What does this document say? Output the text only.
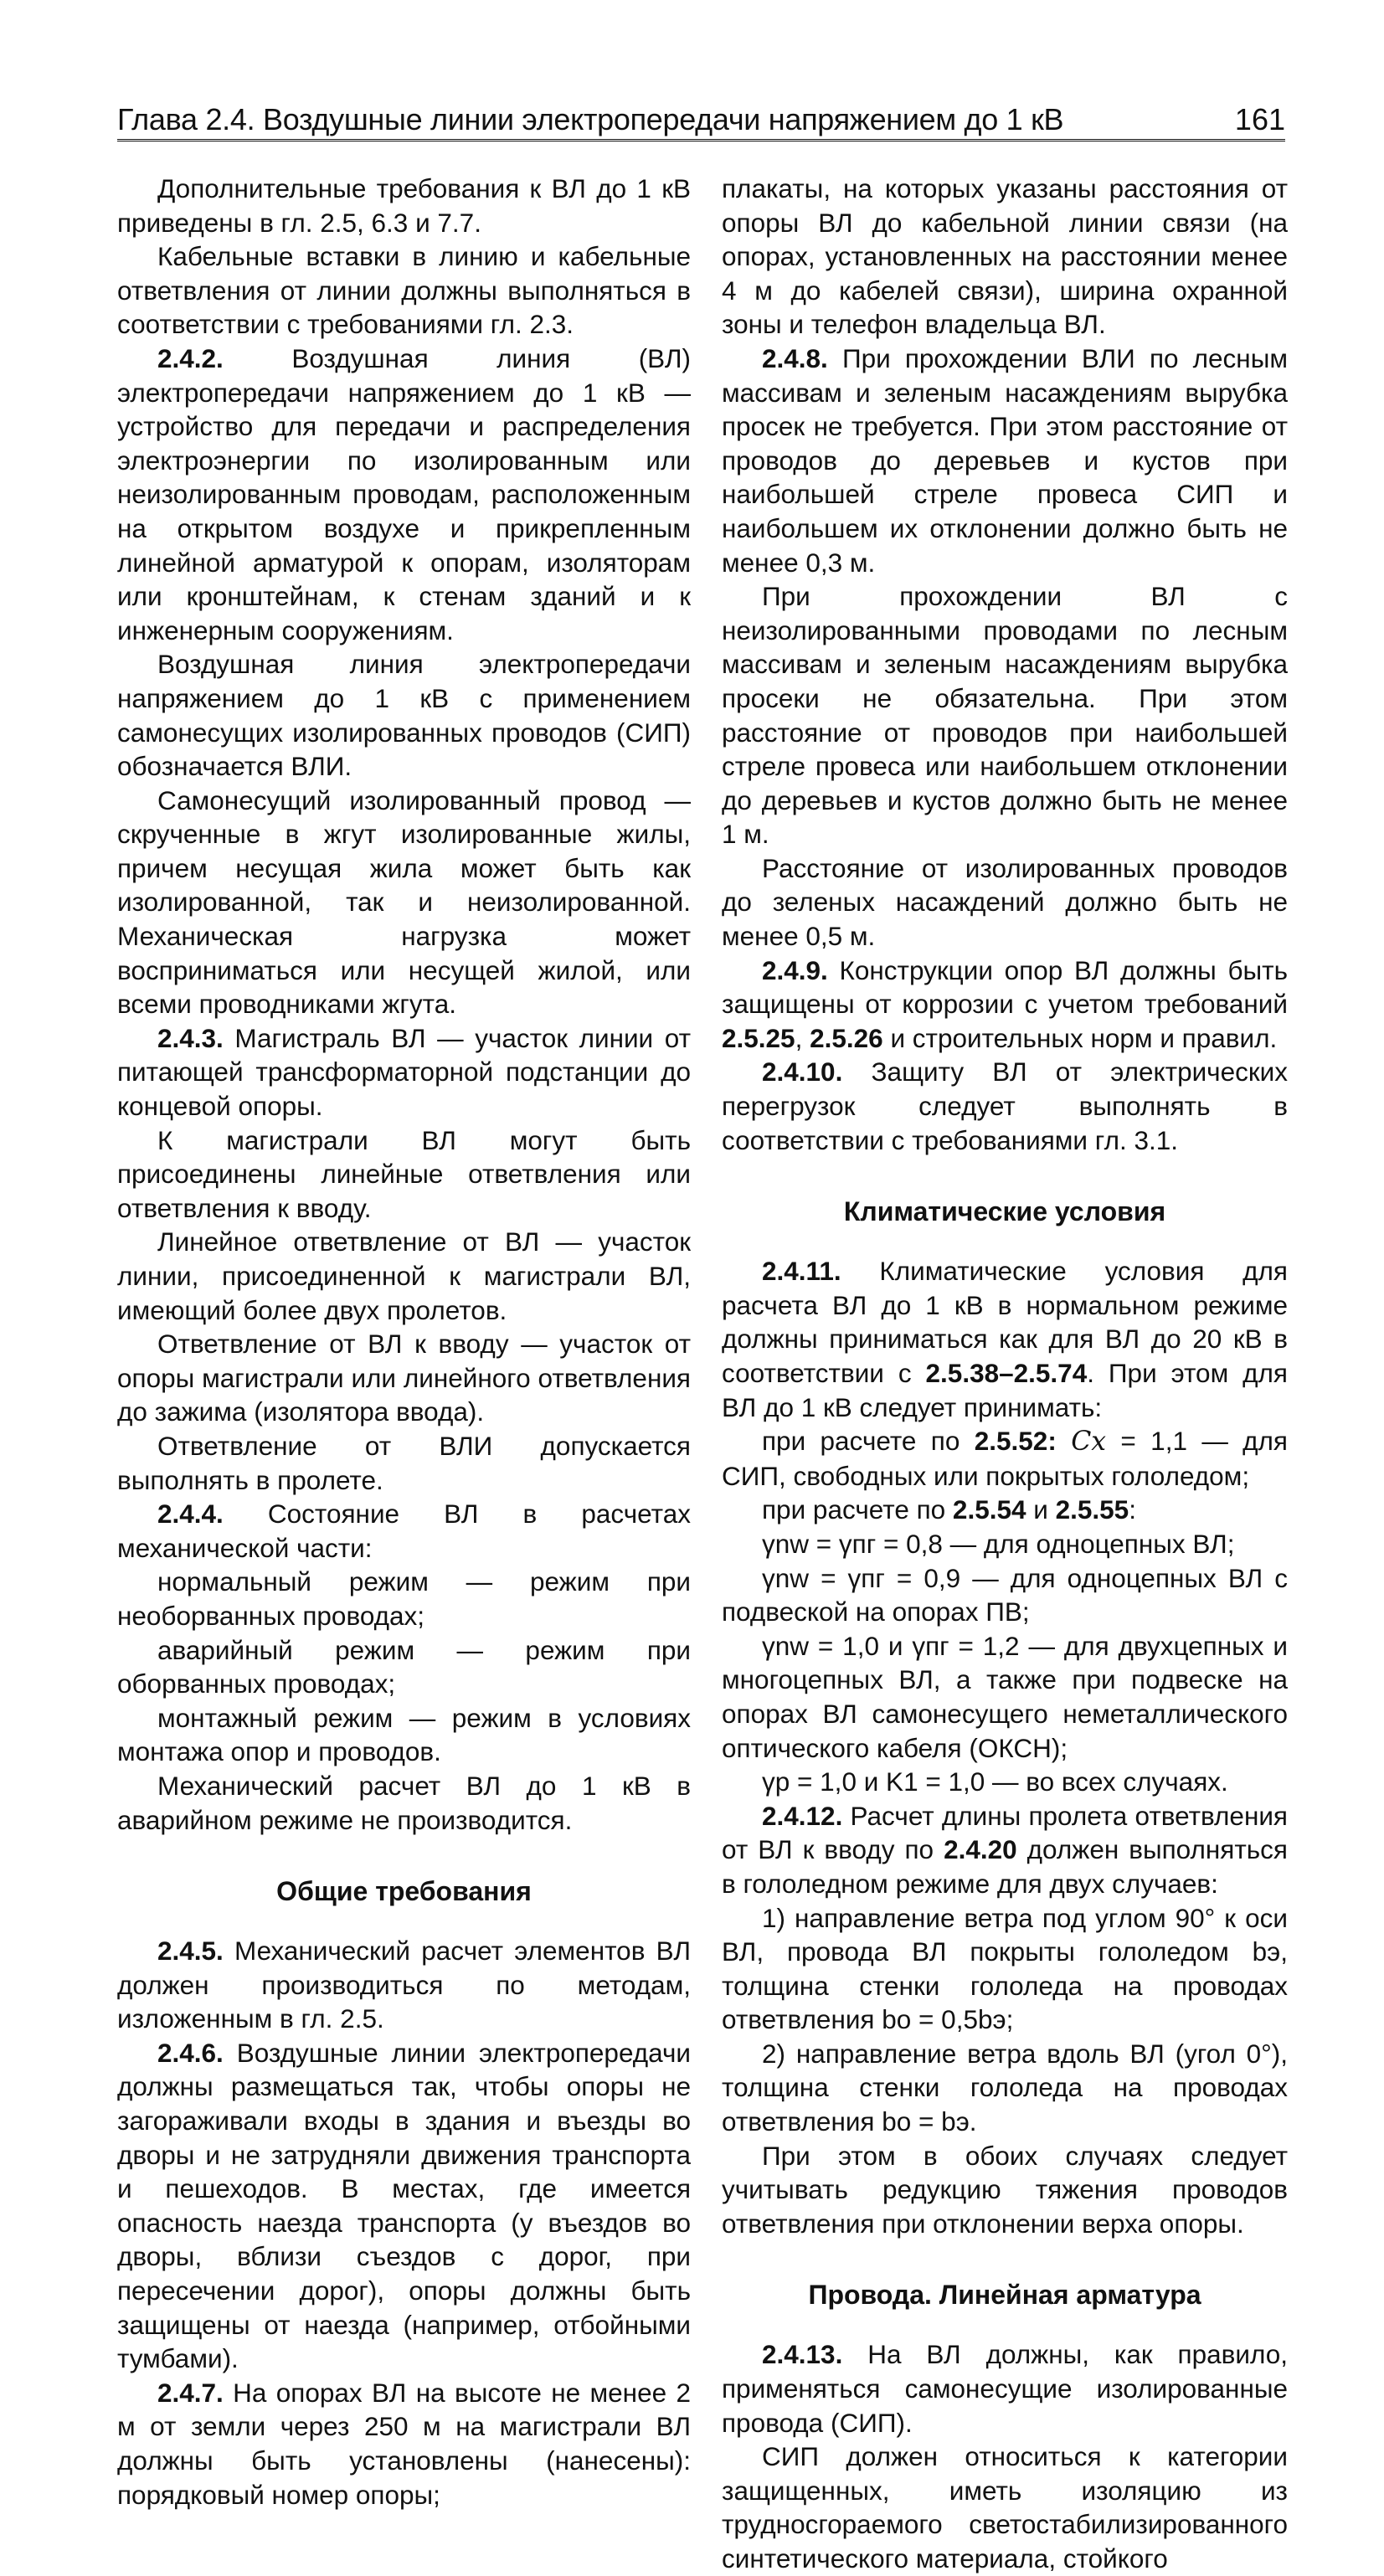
Глава 2.4. Воздушные линии электропередачи напряжением до 1 кВ	161

Дополнительные требования к ВЛ до 1 кВ приведены в гл. 2.5, 6.3 и 7.7.

Кабельные вставки в линию и кабельные ответвления от линии должны выполняться в соответствии с требованиями гл. 2.3.

2.4.2. Воздушная линия (ВЛ) электропередачи напряжением до 1 кВ — устройство для передачи и распределения электроэнергии по изолированным или неизолированным проводам, расположенным на открытом воздухе и прикрепленным линейной арматурой к опорам, изоляторам или кронштейнам, к стенам зданий и к инженерным сооружениям.

Воздушная линия электропередачи напряжением до 1 кВ с применением самонесущих изолированных проводов (СИП) обозначается ВЛИ.

Самонесущий изолированный провод — скрученные в жгут изолированные жилы, причем несущая жила может быть как изолированной, так и неизолированной. Механическая нагрузка может восприниматься или несущей жилой, или всеми проводниками жгута.

2.4.3. Магистраль ВЛ — участок линии от питающей трансформаторной подстанции до концевой опоры.

К магистрали ВЛ могут быть присоединены линейные ответвления или ответвления к вводу.

Линейное ответвление от ВЛ — участок линии, присоединенной к магистрали ВЛ, имеющий более двух пролетов.

Ответвление от ВЛ к вводу — участок от опоры магистрали или линейного ответвления до зажима (изолятора ввода).

Ответвление от ВЛИ допускается выполнять в пролете.

2.4.4. Состояние ВЛ в расчетах механической части:

нормальный режим — режим при необорванных проводах;

аварийный режим — режим при оборванных проводах;

монтажный режим — режим в условиях монтажа опор и проводов.

Механический расчет ВЛ до 1 кВ в аварийном режиме не производится.

Общие требования

2.4.5. Механический расчет элементов ВЛ должен производиться по методам, изложенным в гл. 2.5.

2.4.6. Воздушные линии электропередачи должны размещаться так, чтобы опоры не загораживали входы в здания и въезды во дворы и не затрудняли движения транспорта и пешеходов. В местах, где имеется опасность наезда транспорта (у въездов во дворы, вблизи съездов с дорог, при пересечении дорог), опоры должны быть защищены от наезда (например, отбойными тумбами).

2.4.7. На опорах ВЛ на высоте не менее 2 м от земли через 250 м на магистрали ВЛ должны быть установлены (нанесены): порядковый номер опоры;

плакаты, на которых указаны расстояния от опоры ВЛ до кабельной линии связи (на опорах, установленных на расстоянии менее 4 м до кабелей связи), ширина охранной зоны и телефон владельца ВЛ.

2.4.8. При прохождении ВЛИ по лесным массивам и зеленым насаждениям вырубка просек не требуется. При этом расстояние от проводов до деревьев и кустов при наибольшей стреле провеса СИП и наибольшем их отклонении должно быть не менее 0,3 м.

При прохождении ВЛ с неизолированными проводами по лесным массивам и зеленым насаждениям вырубка просеки не обязательна. При этом расстояние от проводов при наибольшей стреле провеса или наибольшем отклонении до деревьев и кустов должно быть не менее 1 м.

Расстояние от изолированных проводов до зеленых насаждений должно быть не менее 0,5 м.

2.4.9. Конструкции опор ВЛ должны быть защищены от коррозии с учетом требований 2.5.25, 2.5.26 и строительных норм и правил.

2.4.10. Защиту ВЛ от электрических перегрузок следует выполнять в соответствии с требованиями гл. 3.1.

Климатические условия

2.4.11. Климатические условия для расчета ВЛ до 1 кВ в нормальном режиме должны приниматься как для ВЛ до 20 кВ в соответствии с 2.5.38–2.5.74. При этом для ВЛ до 1 кВ следует принимать:

при расчете по 2.5.52: Cx = 1,1 — для СИП, свободных или покрытых гололедом;

при расчете по 2.5.54 и 2.5.55:

γnw = γпг = 0,8 — для одноцепных ВЛ;

γnw = γпг = 0,9 — для одноцепных ВЛ с подвеской на опорах ПВ;

γnw = 1,0 и γпг = 1,2 — для двухцепных и многоцепных ВЛ, а также при подвеске на опорах ВЛ самонесущего неметаллического оптического кабеля (ОКСН);

γp = 1,0 и K1 = 1,0 — во всех случаях.

2.4.12. Расчет длины пролета ответвления от ВЛ к вводу по 2.4.20 должен выполняться в гололедном режиме для двух случаев:

1) направление ветра под углом 90° к оси ВЛ, провода ВЛ покрыты гололедом bэ, толщина стенки гололеда на проводах ответвления bо = 0,5bэ;

2) направление ветра вдоль ВЛ (угол 0°), толщина стенки гололеда на проводах ответвления bо = bэ.

При этом в обоих случаях следует учитывать редукцию тяжения проводов ответвления при отклонении верха опоры.

Провода. Линейная арматура

2.4.13. На ВЛ должны, как правило, применяться самонесущие изолированные провода (СИП).

СИП должен относиться к категории защищенных, иметь изоляцию из трудносгораемого светостабилизированного синтетического материала, стойкого
